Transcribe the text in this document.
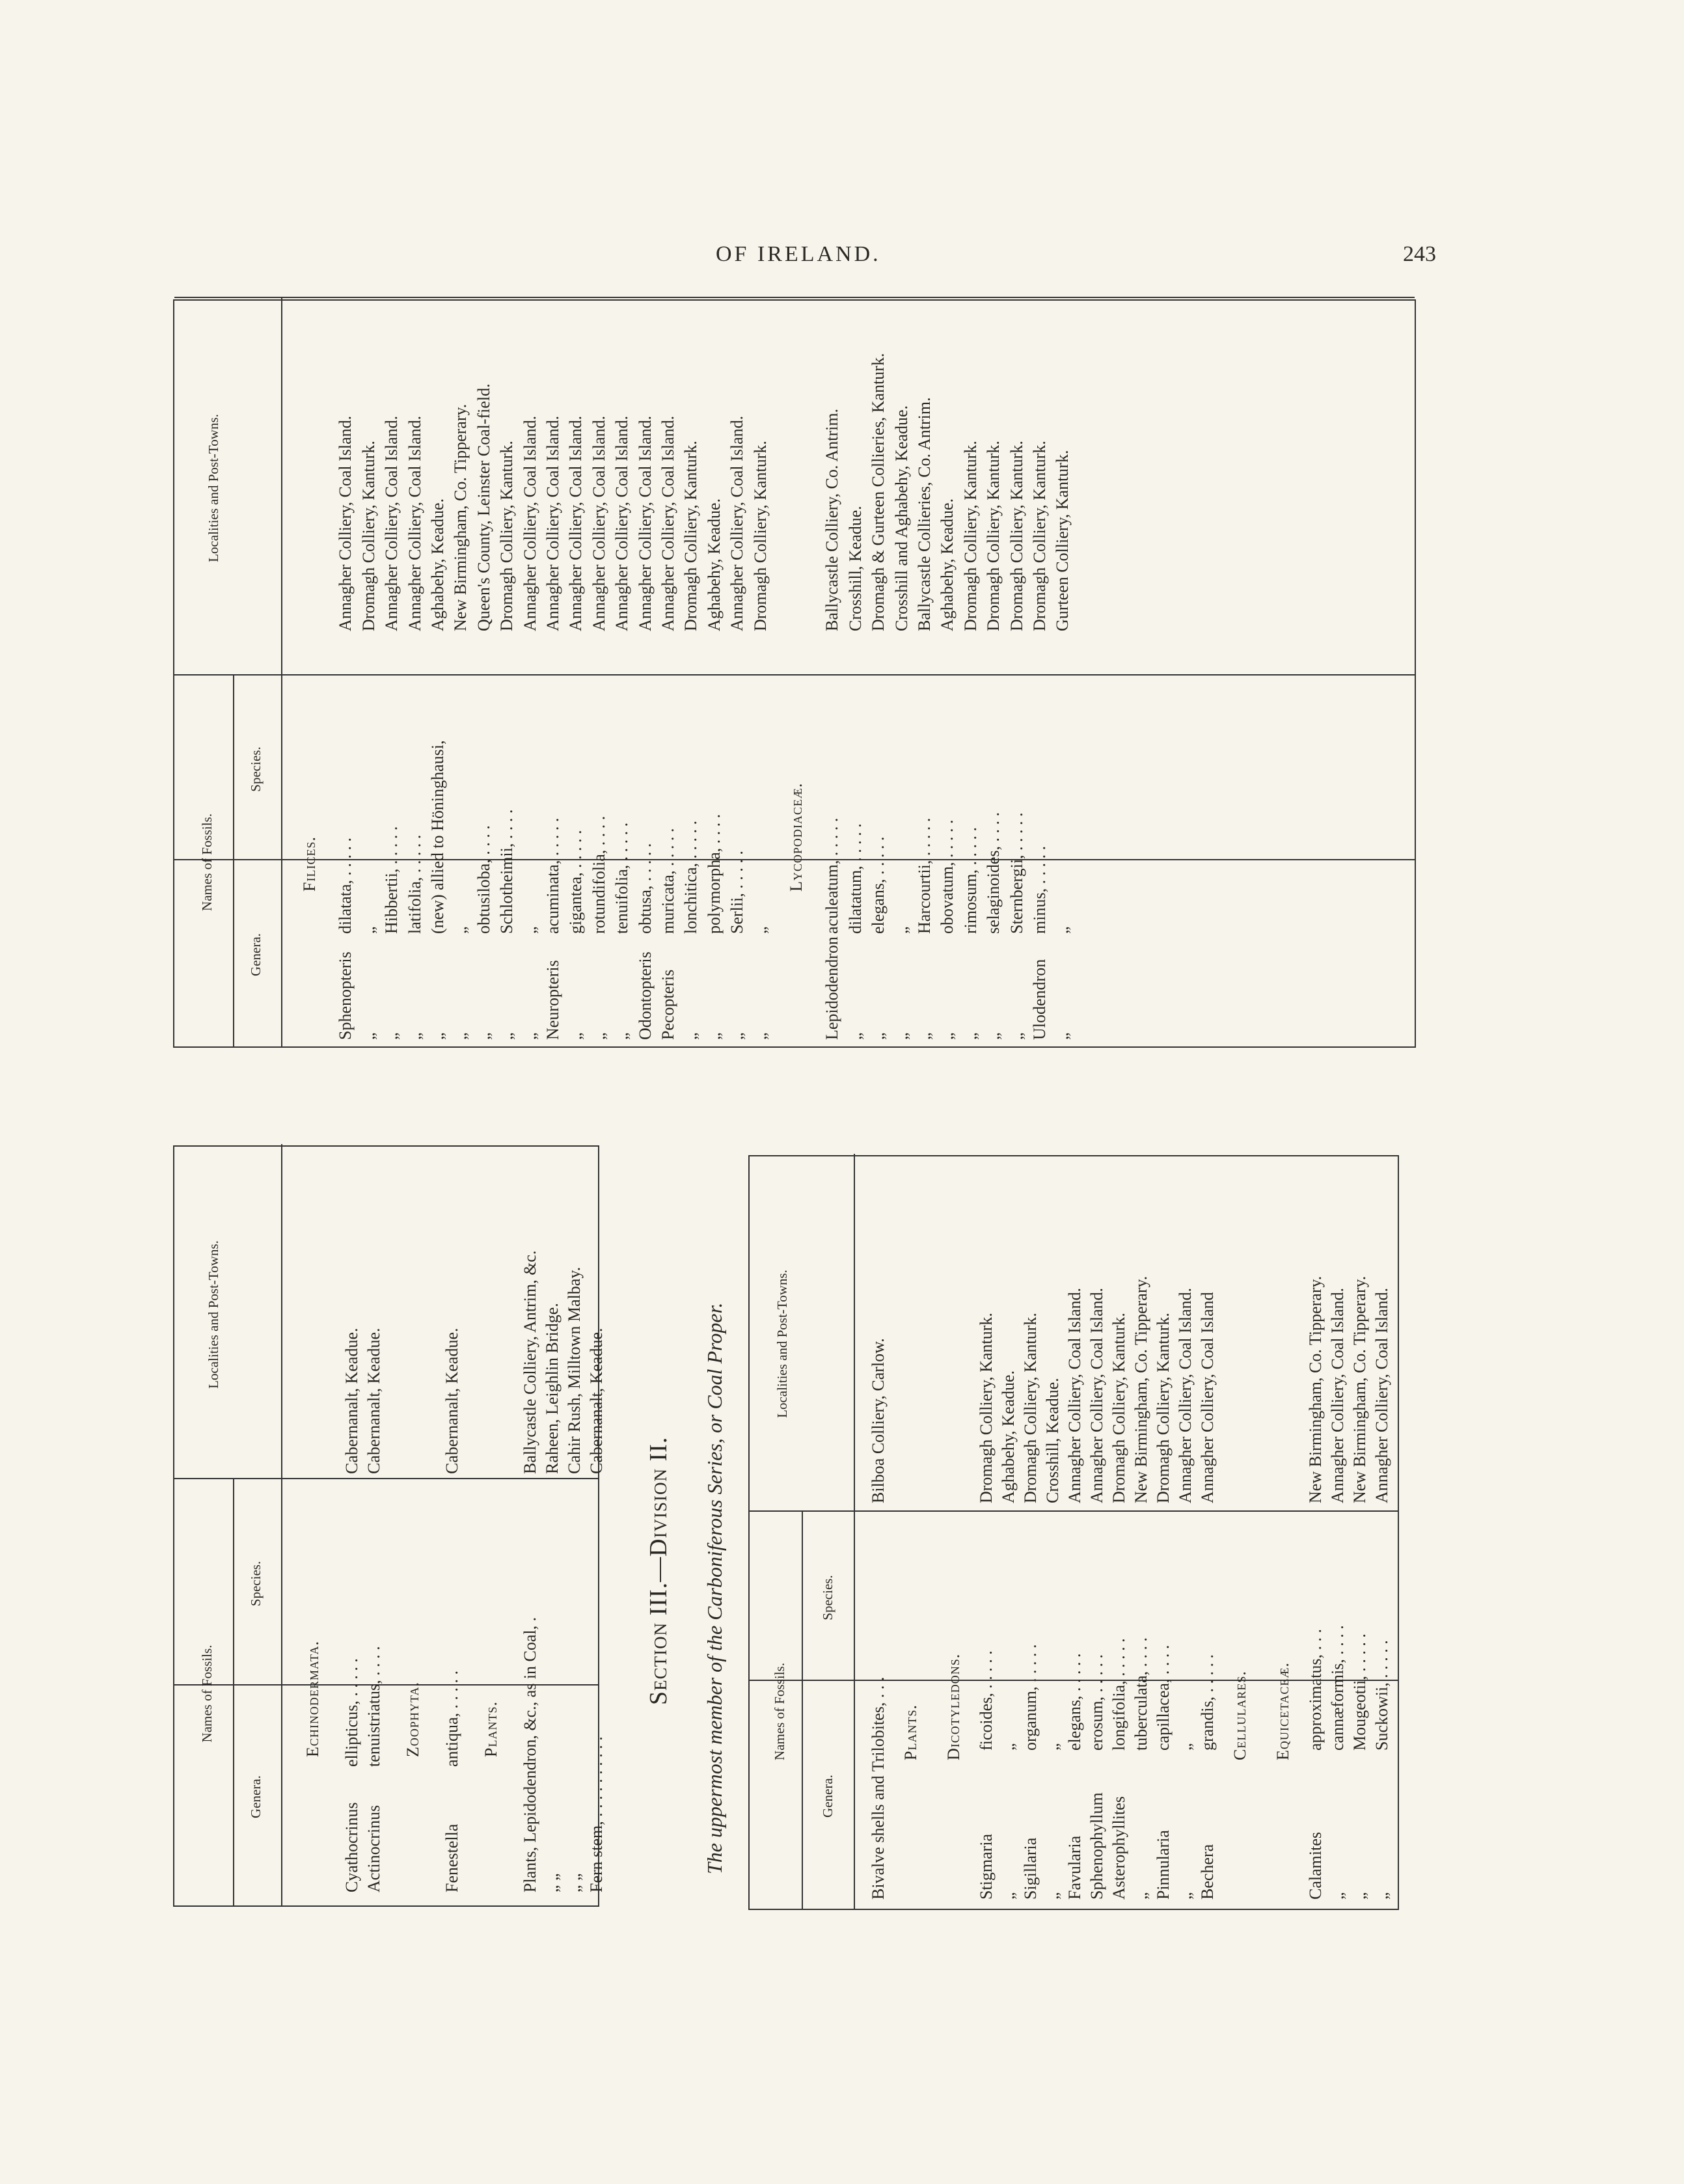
OF IRELAND.	243
Names of Fossils.
Genera.
Species.
Localities and Post-Towns.
Filices.
Sphenopteris
dilatata, . . . . .
Annagher Colliery, Coal Island.
„
„
Dromagh Colliery, Kanturk.
„
Hibbertii, . . . . .
Annagher Colliery, Coal Island.
„
latifolia, . . . . .
Annagher Colliery, Coal Island.
„
(new) allied to Höninghausi,
Aghabehy, Keadue.
„
„
New Birmingham, Co. Tipperary.
„
obtusiloba, . . . .
Queen's County, Leinster Coal-field.
„
Schlotheimii, . . . .
Dromagh Colliery, Kanturk.
„
„
Annagher Colliery, Coal Island.
Neuropteris
acuminata, . . . . .
Annagher Colliery, Coal Island.
„
gigantea, . . . . .
Annagher Colliery, Coal Island.
„
rotundifolia, . . . .
Annagher Colliery, Coal Island.
„
tenuifolia, . . . . .
Annagher Colliery, Coal Island.
Odontopteris
obtusa, . . . . .
Annagher Colliery, Coal Island.
Pecopteris
muricata, . . . . .
Annagher Colliery, Coal Island.
„
lonchitica, . . . . .
Dromagh Colliery, Kanturk.
„
polymorpha, . . . .
Aghabehy, Keadue.
„
Serlii, . . . . .
Annagher Colliery, Coal Island.
„
„
Dromagh Colliery, Kanturk.
Lycopodiaceæ.
Lepidodendron
aculeatum, . . . . .
Ballycastle Colliery, Co. Antrim.
„
dilatatum, . . . . .
Crosshill, Keadue.
„
elegans, . . . . .
Dromagh & Gurteen Collieries, Kanturk.
„
„
Crosshill and Aghabehy, Keadue.
„
Harcourtii, . . . . .
Ballycastle Collieries, Co. Antrim.
„
obovatum, . . . . .
Aghabehy, Keadue.
„
rimosum, . . . . .
Dromagh Colliery, Kanturk.
„
selaginoides, . . . .
Dromagh Colliery, Kanturk.
„
Sternbergii, . . . . .
Dromagh Colliery, Kanturk.
Ulodendron
minus, . . . . .
Dromagh Colliery, Kanturk.
„
„
Gurteen Colliery, Kanturk.
Names of Fossils.
Genera.
Species.
Localities and Post-Towns.
Echinodermata.
Cyathocrinus
ellipticus, . . . . .
Cabernanalt, Keadue.
Actinocrinus
tenuistriatus, . . . .
Cabernanalt, Keadue.
Zoophyta.
Fenestella
antiqua, . . . . .
Cabernanalt, Keadue.
Plants. Plants, Lepidodendron, &c., as in Coal, .
Ballycastle Colliery, Antrim, &c.
„ „
Raheen, Leighlin Bridge.
„ „
Cahir Rush, Milltown Malbay.
Fern stem, . . . . . . . . . .
Cabernanalt, Keadue.
Section III.—Division II. The uppermost member of the Carboniferous Series, or Coal Proper.	Names of Fossils.
Genera.
Species.
Localities and Post-Towns.
Bivalve shells and Trilobites, . . .
Bilboa Colliery, Carlow.
Plants. Dicotyledons.
Stigmaria
ficoides, . . . . .
Dromagh Colliery, Kanturk.
„
„
Aghabehy, Keadue.
Sigillaria
organum, . . . . .
Dromagh Colliery, Kanturk.
„
„
Crosshill, Keadue.
Favularia
elegans, . . . . .
Annagher Colliery, Coal Island.
Sphenophyllum
erosum, . . . . .
Annagher Colliery, Coal Island.
Asterophyllites
longifolia, . . . . .
Dromagh Colliery, Kanturk.
„
tuberculata, . . . .
New Birmingham, Co. Tipperary.
Pinnularia
capillacea, . . . .
Dromagh Colliery, Kanturk.
„
„
Annagher Colliery, Coal Island.
Bechera
grandis, . . . . .
Annagher Colliery, Coal Island
Cellulares. Equicetaceæ.
Calamites
approximatus, . . .
New Birmingham, Co. Tipperary.
„
cannæformis, . . . .
Annagher Colliery, Coal Island.
„
Mougeotii, . . . . .
New Birmingham, Co. Tipperary.
„
Suckowii, . . . . .
Annagher Colliery, Coal Island.
